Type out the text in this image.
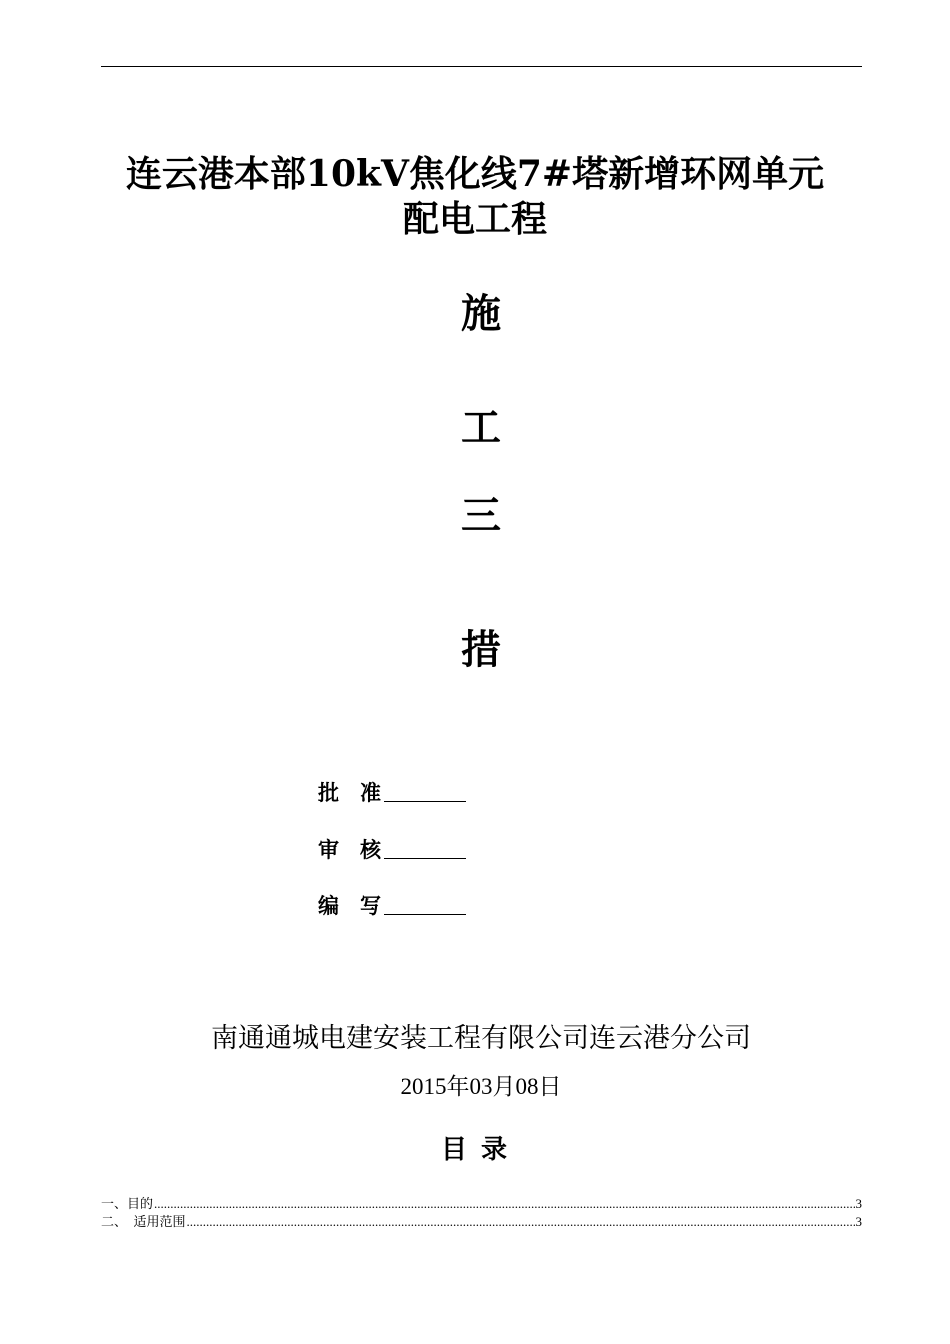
连云港本部10kV焦化线7#塔新增环网单元
配电工程
施
工
三
措
批　准
审　核
编　写
南通通城电建安装工程有限公司连云港分公司
2015年03月08日
目录
一、目的 .....	3
二、  适用范围 .....	3
